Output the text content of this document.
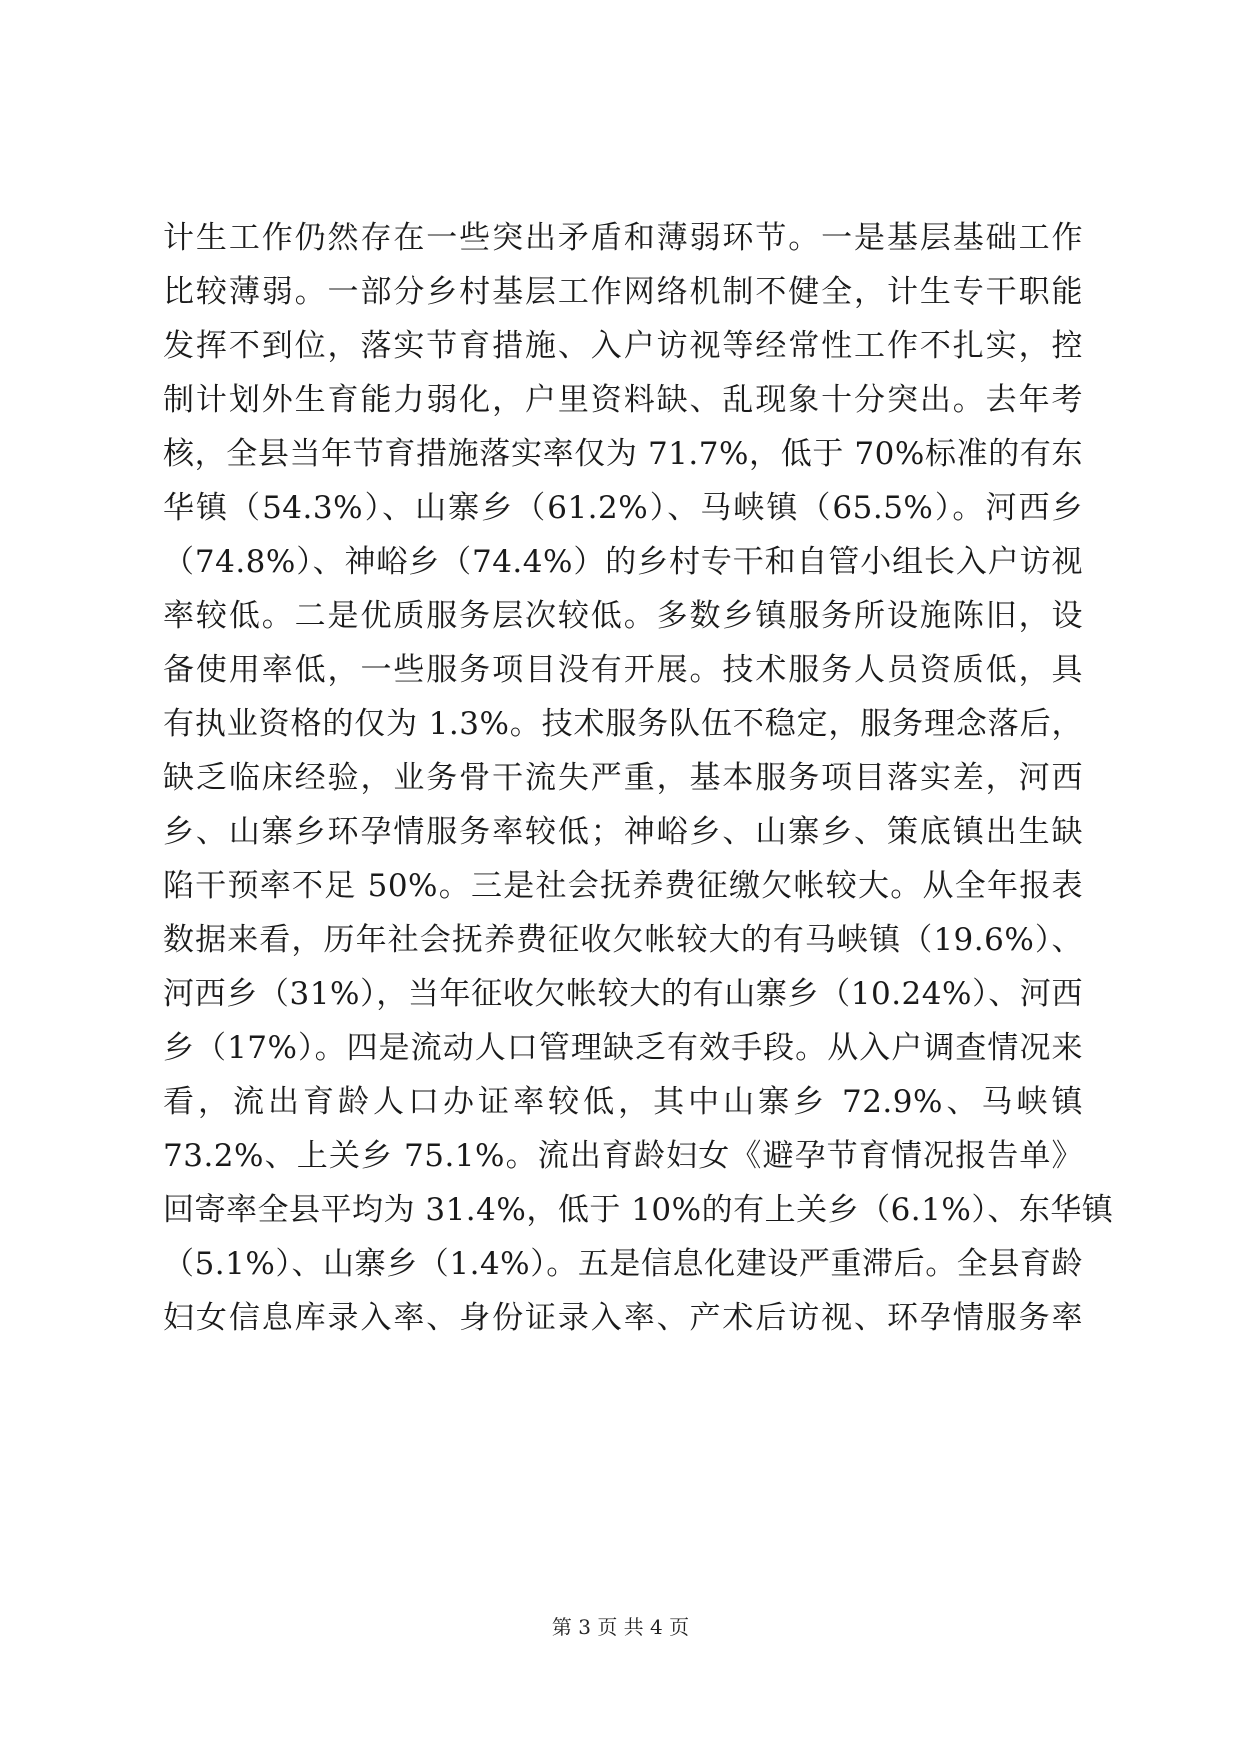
计生工作仍然存在一些突出矛盾和薄弱环节。一是基层基础工作
比较薄弱。一部分乡村基层工作网络机制不健全，计生专干职能
发挥不到位，落实节育措施、入户访视等经常性工作不扎实，控
制计划外生育能力弱化，户里资料缺、乱现象十分突出。去年考
核，全县当年节育措施落实率仅为 71.7%，低于 70%标准的有东
华镇（54.3%）、山寨乡（61.2%）、马峡镇（65.5%）。河西乡
（74.8%）、神峪乡（74.4%）的乡村专干和自管小组长入户访视
率较低。二是优质服务层次较低。多数乡镇服务所设施陈旧，设
备使用率低，一些服务项目没有开展。技术服务人员资质低，具
有执业资格的仅为 1.3%。技术服务队伍不稳定，服务理念落后，
缺乏临床经验，业务骨干流失严重，基本服务项目落实差，河西
乡、山寨乡环孕情服务率较低；神峪乡、山寨乡、策底镇出生缺
陷干预率不足 50%。三是社会抚养费征缴欠帐较大。从全年报表
数据来看，历年社会抚养费征收欠帐较大的有马峡镇（19.6%）、
河西乡（31%），当年征收欠帐较大的有山寨乡（10.24%）、河西
乡（17%）。四是流动人口管理缺乏有效手段。从入户调查情况来
看，流出育龄人口办证率较低，其中山寨乡 72.9%、马峡镇
73.2%、上关乡 75.1%。流出育龄妇女《避孕节育情况报告单》
回寄率全县平均为 31.4%，低于 10%的有上关乡（6.1%）、东华镇
（5.1%）、山寨乡（1.4%）。五是信息化建设严重滞后。全县育龄
妇女信息库录入率、身份证录入率、产术后访视、环孕情服务率
第 3 页 共 4 页
